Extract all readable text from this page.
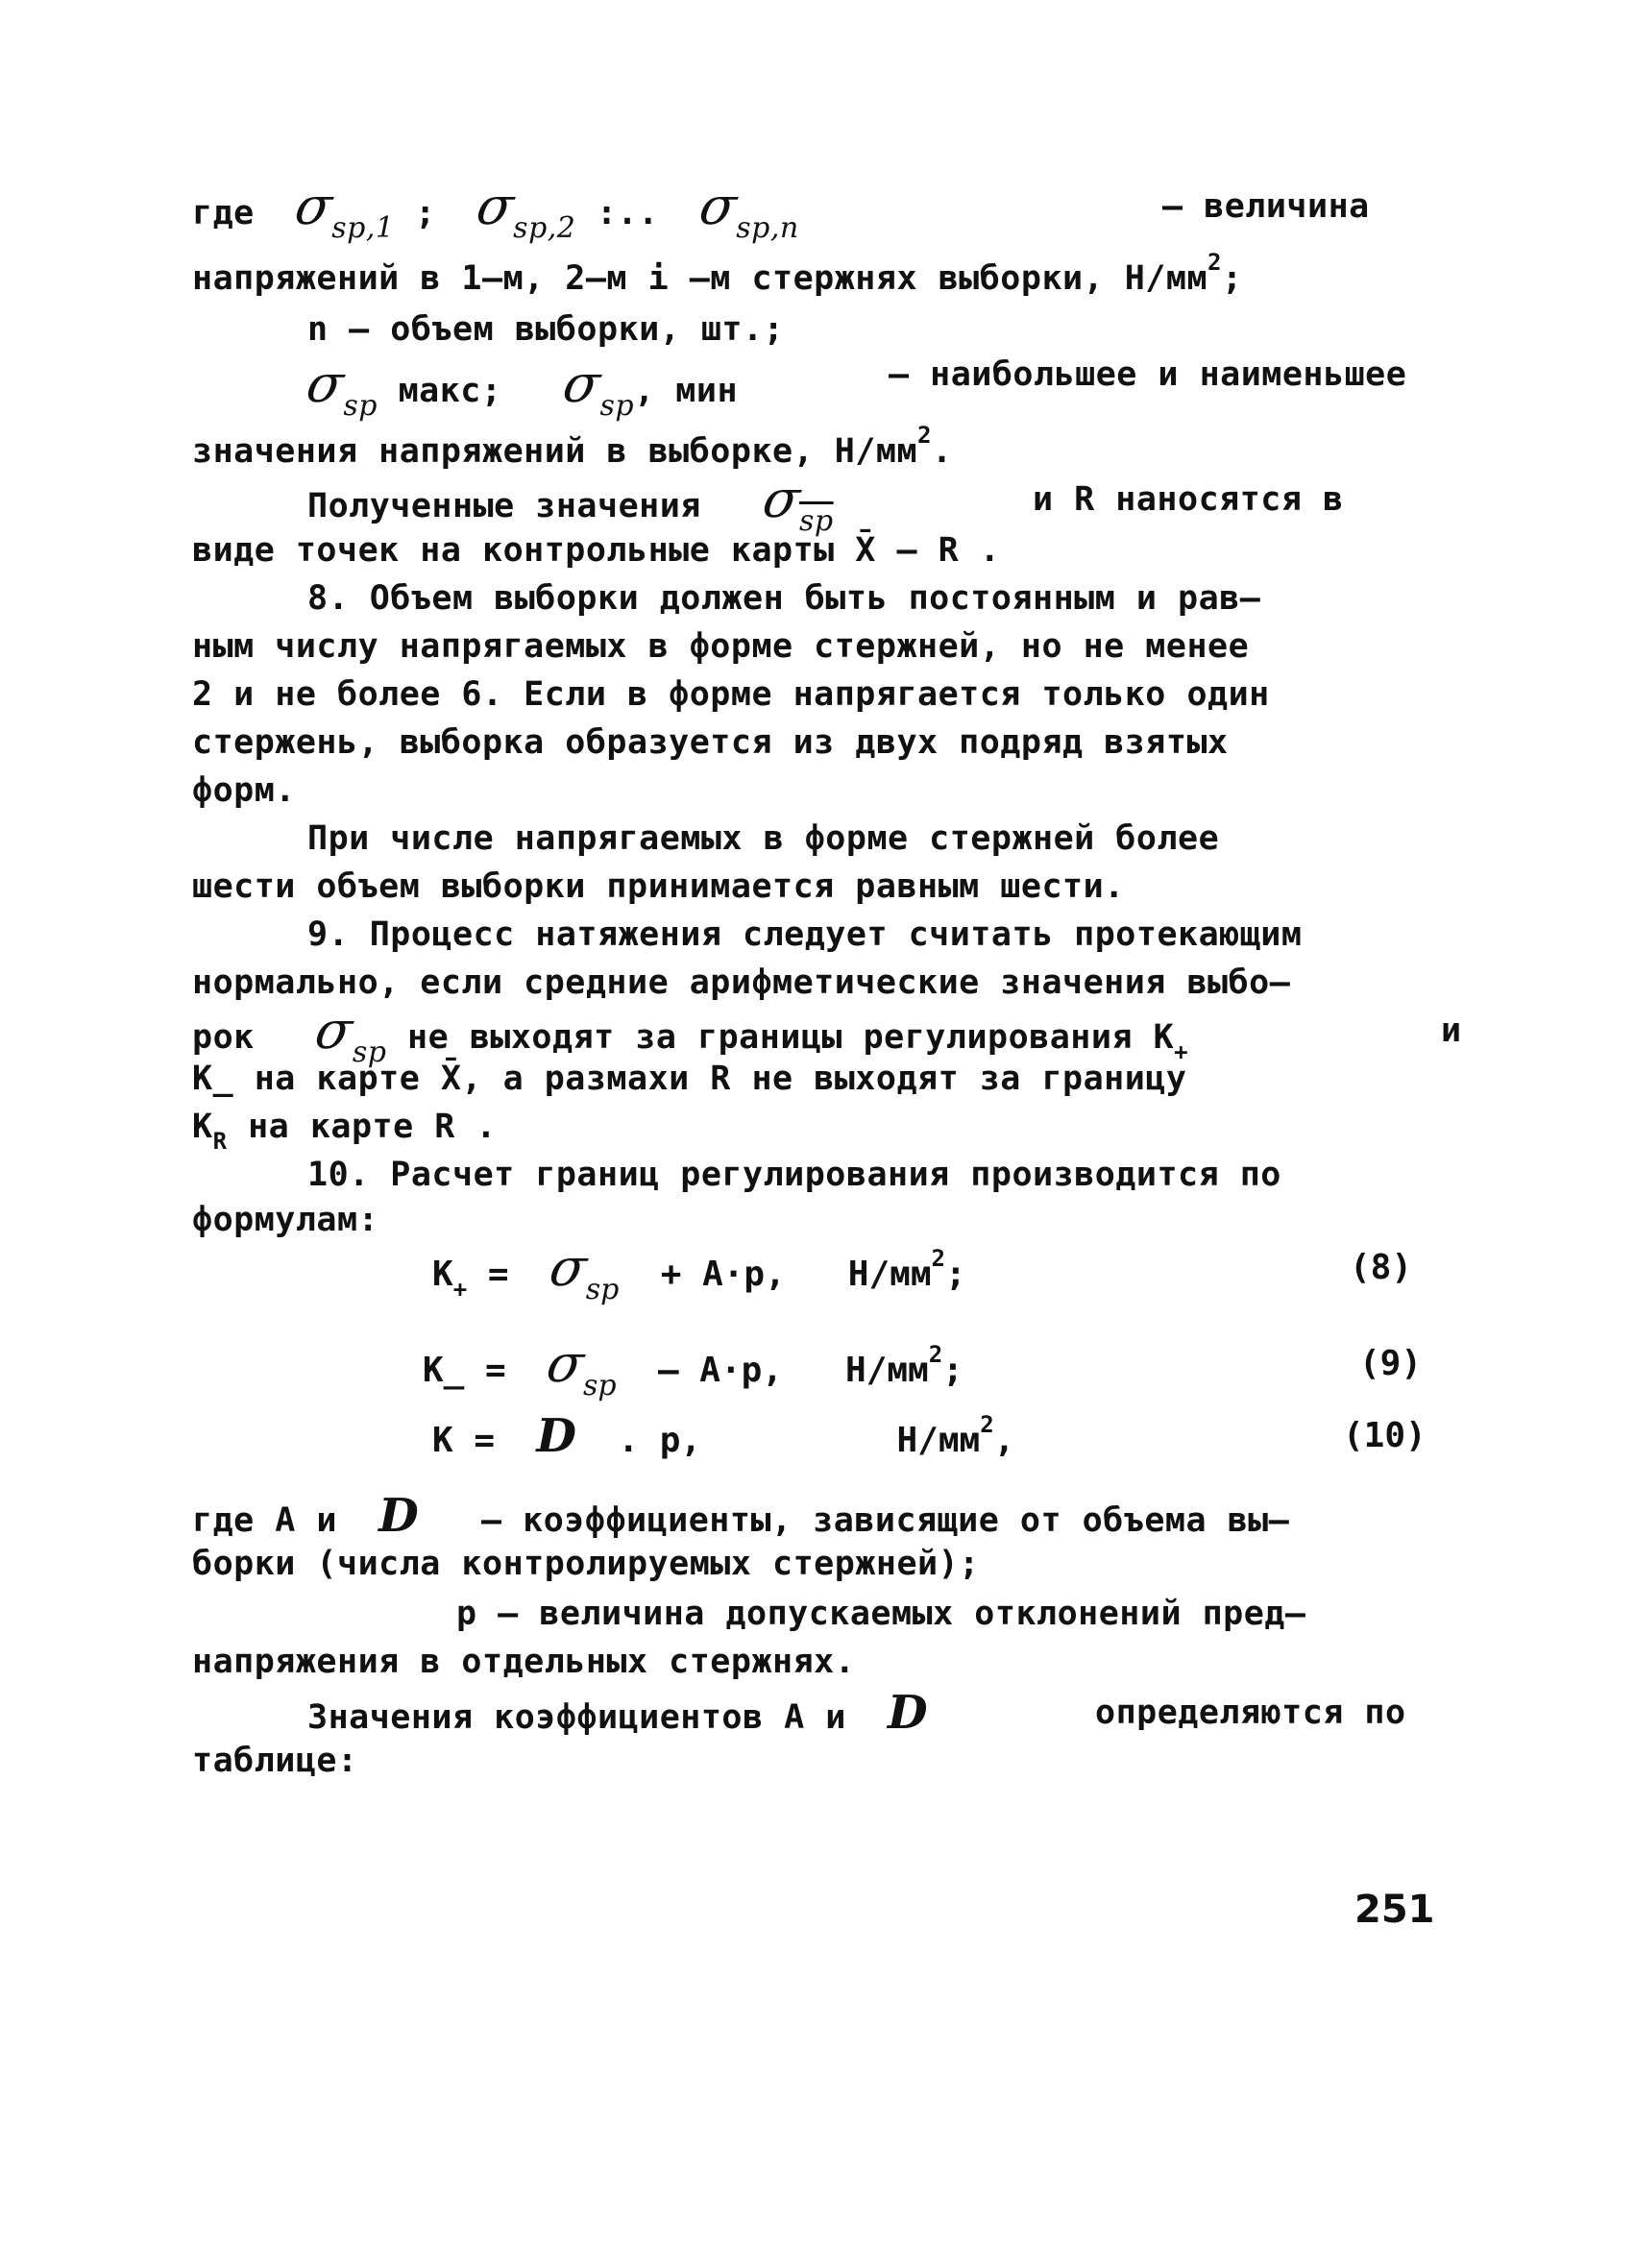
где σsp,1 ; σsp,2 :.. σsp,n
– величина
напряжений в 1–м, 2–м i –м стержнях выборки, $Н/мм^2$;
n – объем выборки, шт.;
σsp макс;   σsp, мин	– наибольшее и наименьшее
значения напряжений в выборке, $Н/мм^2$.
Полученные значения $\sigma\overline{sp}$
и R наносятся в
виде точек на контрольные карты X̄ – R .
8. Объем выборки должен быть постоянным и рав–
ным числу напрягаемых в форме стержней, но не менее
2 и не более 6. Если в форме напрягается только один
стержень, выборка образуется из двух подряд взятых
форм.
При числе напрягаемых в форме стержней более
шести объем выборки принимается равным шести.
9. Процесс натяжения следует считать протекающим
нормально, если средние арифметические значения выбо–
рок σsp не выходят за границы регулирования $K_+$
и
K_ на карте X̄, а размахи R не выходят за границу
$K_R$ на карте R .
10. Расчет границ регулирования производится по
формулам:
$K_+ = \sigma_{sp} + А\cdot р$, $Н/мм^2$;	(8)
K_ = $\sigma_{sp} - А\cdot р$, $Н/мм^2$;	(9)
K = D . р,	$Н/мм^2$,	(10)
где А и D – коэффициенты, зависящие от объема вы–
борки (числа контролируемых стержней);
р – величина допускаемых отклонений пред–
напряжения в отдельных стержнях.
Значения коэффициентов А и D	определяются по
таблице:
251
